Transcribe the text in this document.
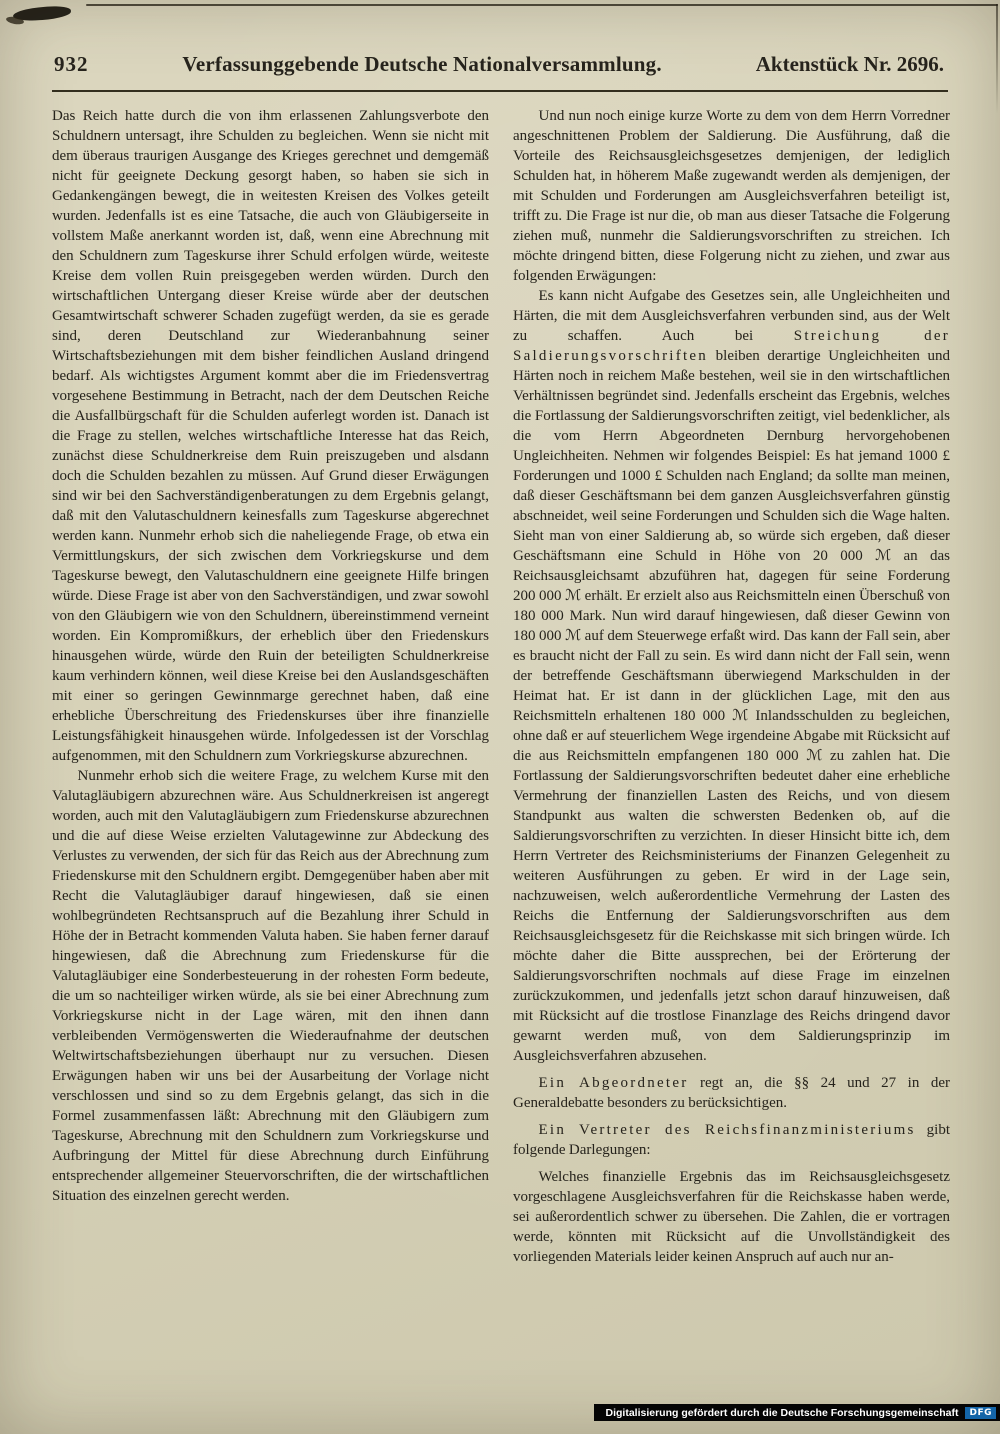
932	Verfassunggebende Deutsche Nationalversammlung.	Aktenstück Nr. 2696.

Das Reich hatte durch die von ihm erlassenen Zahlungsverbote den Schuldnern untersagt, ihre Schulden zu begleichen. Wenn sie nicht mit dem überaus traurigen Ausgange des Krieges gerechnet und demgemäß nicht für geeignete Deckung gesorgt haben, so haben sie sich in Gedankengängen bewegt, die in weitesten Kreisen des Volkes geteilt wurden. Jedenfalls ist es eine Tatsache, die auch von Gläubigerseite in vollstem Maße anerkannt worden ist, daß, wenn eine Abrechnung mit den Schuldnern zum Tageskurse ihrer Schuld erfolgen würde, weiteste Kreise dem vollen Ruin preisgegeben werden würden. Durch den wirtschaftlichen Untergang dieser Kreise würde aber der deutschen Gesamtwirtschaft schwerer Schaden zugefügt werden, da sie es gerade sind, deren Deutschland zur Wiederanbahnung seiner Wirtschaftsbeziehungen mit dem bisher feindlichen Ausland dringend bedarf. Als wichtigstes Argument kommt aber die im Friedensvertrag vorgesehene Bestimmung in Betracht, nach der dem Deutschen Reiche die Ausfallbürgschaft für die Schulden auferlegt worden ist. Danach ist die Frage zu stellen, welches wirtschaftliche Interesse hat das Reich, zunächst diese Schuldnerkreise dem Ruin preiszugeben und alsdann doch die Schulden bezahlen zu müssen. Auf Grund dieser Erwägungen sind wir bei den Sachverständigenberatungen zu dem Ergebnis gelangt, daß mit den Valutaschuldnern keinesfalls zum Tageskurse abgerechnet werden kann. Nunmehr erhob sich die naheliegende Frage, ob etwa ein Vermittlungskurs, der sich zwischen dem Vorkriegskurse und dem Tageskurse bewegt, den Valutaschuldnern eine geeignete Hilfe bringen würde. Diese Frage ist aber von den Sachverständigen, und zwar sowohl von den Gläubigern wie von den Schuldnern, übereinstimmend verneint worden. Ein Kompromißkurs, der erheblich über den Friedenskurs hinausgehen würde, würde den Ruin der beteiligten Schuldnerkreise kaum verhindern können, weil diese Kreise bei den Auslandsgeschäften mit einer so geringen Gewinnmarge gerechnet haben, daß eine erhebliche Überschreitung des Friedenskurses über ihre finanzielle Leistungsfähigkeit hinausgehen würde. Infolgedessen ist der Vorschlag aufgenommen, mit den Schuldnern zum Vorkriegskurse abzurechnen.

Nunmehr erhob sich die weitere Frage, zu welchem Kurse mit den Valutagläubigern abzurechnen wäre. Aus Schuldnerkreisen ist angeregt worden, auch mit den Valutagläubigern zum Friedenskurse abzurechnen und die auf diese Weise erzielten Valutagewinne zur Abdeckung des Verlustes zu verwenden, der sich für das Reich aus der Abrechnung zum Friedenskurse mit den Schuldnern ergibt. Demgegenüber haben aber mit Recht die Valutagläubiger darauf hingewiesen, daß sie einen wohlbegründeten Rechtsanspruch auf die Bezahlung ihrer Schuld in Höhe der in Betracht kommenden Valuta haben. Sie haben ferner darauf hingewiesen, daß die Abrechnung zum Friedenskurse für die Valutagläubiger eine Sonderbesteuerung in der rohesten Form bedeute, die um so nachteiliger wirken würde, als sie bei einer Abrechnung zum Vorkriegskurse nicht in der Lage wären, mit den ihnen dann verbleibenden Vermögenswerten die Wiederaufnahme der deutschen Weltwirtschaftsbeziehungen überhaupt nur zu versuchen. Diesen Erwägungen haben wir uns bei der Ausarbeitung der Vorlage nicht verschlossen und sind so zu dem Ergebnis gelangt, das sich in die Formel zusammenfassen läßt: Abrechnung mit den Gläubigern zum Tageskurse, Abrechnung mit den Schuldnern zum Vorkriegskurse und Aufbringung der Mittel für diese Abrechnung durch Einführung entsprechender allgemeiner Steuervorschriften, die der wirtschaftlichen Situation des einzelnen gerecht werden.

Und nun noch einige kurze Worte zu dem von dem Herrn Vorredner angeschnittenen Problem der Saldierung. Die Ausführung, daß die Vorteile des Reichsausgleichsgesetzes demjenigen, der lediglich Schulden hat, in höherem Maße zugewandt werden als demjenigen, der mit Schulden und Forderungen am Ausgleichsverfahren beteiligt ist, trifft zu. Die Frage ist nur die, ob man aus dieser Tatsache die Folgerung ziehen muß, nunmehr die Saldierungsvorschriften zu streichen. Ich möchte dringend bitten, diese Folgerung nicht zu ziehen, und zwar aus folgenden Erwägungen:

Es kann nicht Aufgabe des Gesetzes sein, alle Ungleichheiten und Härten, die mit dem Ausgleichsverfahren verbunden sind, aus der Welt zu schaffen. Auch bei Streichung der Saldierungsvorschriften bleiben derartige Ungleichheiten und Härten noch in reichem Maße bestehen, weil sie in den wirtschaftlichen Verhältnissen begründet sind. Jedenfalls erscheint das Ergebnis, welches die Fortlassung der Saldierungsvorschriften zeitigt, viel bedenklicher, als die vom Herrn Abgeordneten Dernburg hervorgehobenen Ungleichheiten. Nehmen wir folgendes Beispiel: Es hat jemand 1000 £ Forderungen und 1000 £ Schulden nach England; da sollte man meinen, daß dieser Geschäftsmann bei dem ganzen Ausgleichsverfahren günstig abschneidet, weil seine Forderungen und Schulden sich die Wage halten. Sieht man von einer Saldierung ab, so würde sich ergeben, daß dieser Geschäftsmann eine Schuld in Höhe von 20 000 ℳ an das Reichsausgleichsamt abzuführen hat, dagegen für seine Forderung 200 000 ℳ erhält. Er erzielt also aus Reichsmitteln einen Überschuß von 180 000 Mark. Nun wird darauf hingewiesen, daß dieser Gewinn von 180 000 ℳ auf dem Steuerwege erfaßt wird. Das kann der Fall sein, aber es braucht nicht der Fall zu sein. Es wird dann nicht der Fall sein, wenn der betreffende Geschäftsmann überwiegend Markschulden in der Heimat hat. Er ist dann in der glücklichen Lage, mit den aus Reichsmitteln erhaltenen 180 000 ℳ Inlandsschulden zu begleichen, ohne daß er auf steuerlichem Wege irgendeine Abgabe mit Rücksicht auf die aus Reichsmitteln empfangenen 180 000 ℳ zu zahlen hat. Die Fortlassung der Saldierungsvorschriften bedeutet daher eine erhebliche Vermehrung der finanziellen Lasten des Reichs, und von diesem Standpunkt aus walten die schwersten Bedenken ob, auf die Saldierungsvorschriften zu verzichten. In dieser Hinsicht bitte ich, dem Herrn Vertreter des Reichsministeriums der Finanzen Gelegenheit zu weiteren Ausführungen zu geben. Er wird in der Lage sein, nachzuweisen, welch außerordentliche Vermehrung der Lasten des Reichs die Entfernung der Saldierungsvorschriften aus dem Reichsausgleichsgesetz für die Reichskasse mit sich bringen würde. Ich möchte daher die Bitte aussprechen, bei der Erörterung der Saldierungsvorschriften nochmals auf diese Frage im einzelnen zurückzukommen, und jedenfalls jetzt schon darauf hinzuweisen, daß mit Rücksicht auf die trostlose Finanzlage des Reichs dringend davor gewarnt werden muß, von dem Saldierungsprinzip im Ausgleichsverfahren abzusehen.

Ein Abgeordneter regt an, die §§ 24 und 27 in der Generaldebatte besonders zu berücksichtigen.

Ein Vertreter des Reichsfinanzministeriums gibt folgende Darlegungen:

Welches finanzielle Ergebnis das im Reichsausgleichsgesetz vorgeschlagene Ausgleichsverfahren für die Reichskasse haben werde, sei außerordentlich schwer zu übersehen. Die Zahlen, die er vortragen werde, könnten mit Rücksicht auf die Unvollständigkeit des vorliegenden Materials leider keinen Anspruch auf auch nur an-

Digitalisierung gefördert durch die Deutsche Forschungsgemeinschaft	DFG
